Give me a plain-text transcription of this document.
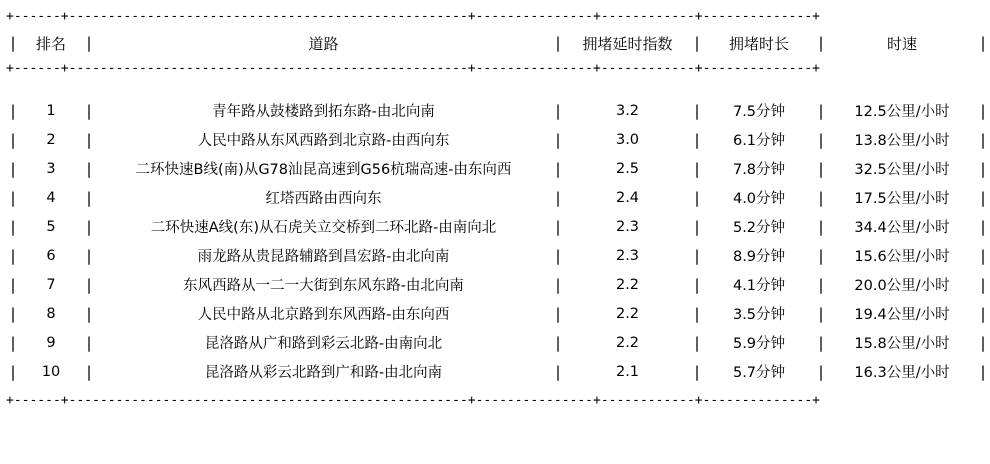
+------+---------------------------------------------------+---------------+------------+--------------+
|	排名	|	道路	|	拥堵延时指数	|	拥堵时长	|	时速	|
+------+---------------------------------------------------+---------------+------------+--------------+
|	1	|	青年路从鼓楼路到拓东路-由北向南	|	3.2	|	7.5分钟	|	12.5公里/小时	|
|	2	|	人民中路从东风西路到北京路-由西向东	|	3.0	|	6.1分钟	|	13.8公里/小时	|
|	3	|	二环快速B线(南)从G78汕昆高速到G56杭瑞高速-由东向西	|	2.5	|	7.8分钟	|	32.5公里/小时	|
|	4	|	红塔西路由西向东	|	2.4	|	4.0分钟	|	17.5公里/小时	|
|	5	|	二环快速A线(东)从石虎关立交桥到二环北路-由南向北	|	2.3	|	5.2分钟	|	34.4公里/小时	|
|	6	|	雨龙路从贵昆路辅路到昌宏路-由北向南	|	2.3	|	8.9分钟	|	15.6公里/小时	|
|	7	|	东风西路从一二一大街到东风东路-由北向南	|	2.2	|	4.1分钟	|	20.0公里/小时	|
|	8	|	人民中路从北京路到东风西路-由东向西	|	2.2	|	3.5分钟	|	19.4公里/小时	|
|	9	|	昆洛路从广和路到彩云北路-由南向北	|	2.2	|	5.9分钟	|	15.8公里/小时	|
|	10	|	昆洛路从彩云北路到广和路-由北向南	|	2.1	|	5.7分钟	|	16.3公里/小时	|
+------+---------------------------------------------------+---------------+------------+--------------+
